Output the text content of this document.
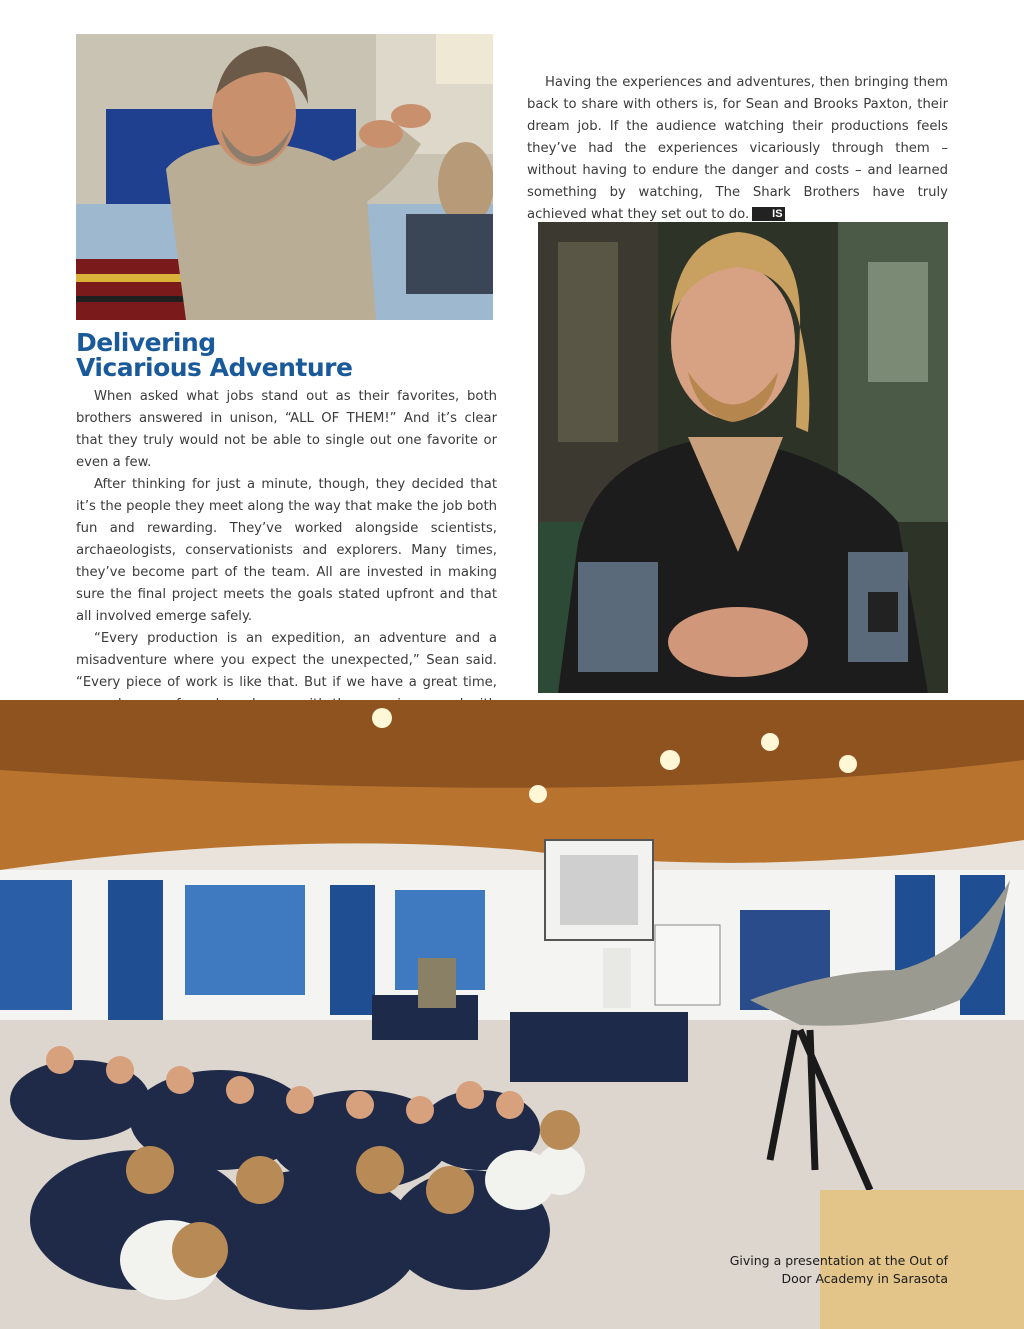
Delivering
Vicarious Adventure

When asked what jobs stand out as their favorites, both brothers answered in unison, “ALL OF THEM!” And it’s clear that they truly would not be able to single out one favorite or even a few.

After thinking for just a minute, though, they decided that it’s the people they meet along the way that make the job both fun and rewarding. They’ve worked alongside scientists, archaeologists, conservationists and explorers. Many times, they’ve become part of the team. All are invested in making sure the final project meets the goals stated upfront and that all involved emerge safely.

“Every production is an expedition, an adventure and a misadventure where you expect the unexpected,” Sean said. “Every piece of work is like that. But if we have a great time,

Having the experiences and adventures, then bringing them back to share with others is, for Sean and Brooks Paxton, their dream job. If the audience watching their productions feels they’ve had the experiences vicariously through them – without having to endure the danger and costs – and learned something by watching, The Shark Brothers have truly achieved what they set out to do. IS

Giving a presentation at the Out of
Door Academy in Sarasota
